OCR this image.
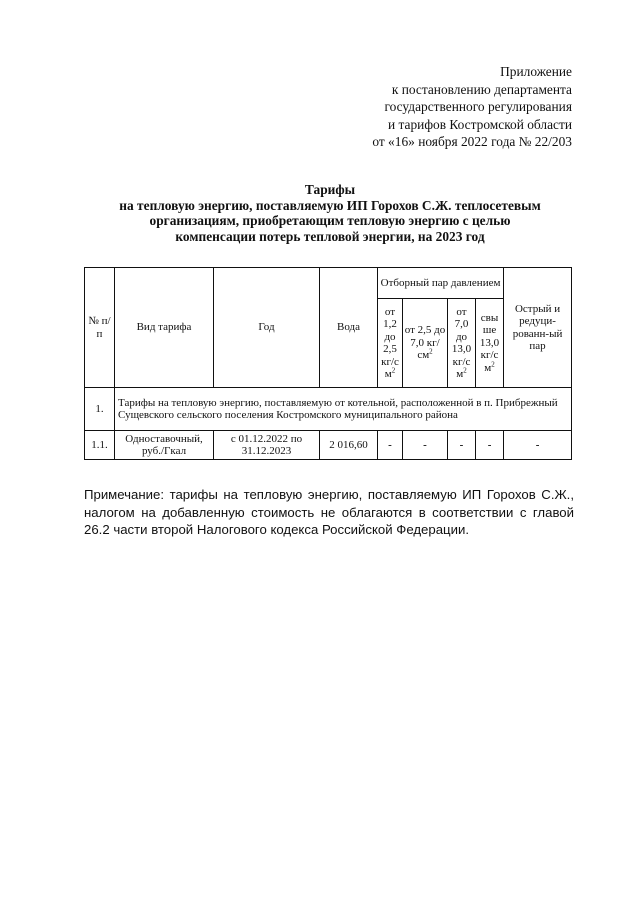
Приложение
к постановлению департамента
государственного регулирования
и тарифов Костромской области
от «16» ноября 2022 года № 22/203
Тарифы
на тепловую энергию, поставляемую ИП Горохов С.Ж. теплосетевым
организациям, приобретающим тепловую энергию с целью
компенсации потерь тепловой энергии, на 2023 год
№ п/п	Вид тарифа	Год	Вода	Отборный пар давлением				Острый и редуци-рованн-ый пар
				от 1,2 до 2,5 кг/с $м^2$	от 2,5 до 7,0 $кг/см^2$	от 7,0 до 13,0 кг/с $м^2$	свы ше 13,0 кг/с $м^2$
1.	Тарифы на тепловую энергию, поставляемую от котельной, расположенной в п. Прибрежный Сущевского сельского поселения Костромского муниципального района							
1.1.	Одноставочный, руб./Гкал	с 01.12.2022 по 31.12.2023	2 016,60	-	-	-	-	-
Примечание: тарифы на тепловую энергию, поставляемую ИП Горохов С.Ж., налогом на добавленную стоимость не облагаются в соответствии с главой 26.2 части второй Налогового кодекса Российской Федерации.
